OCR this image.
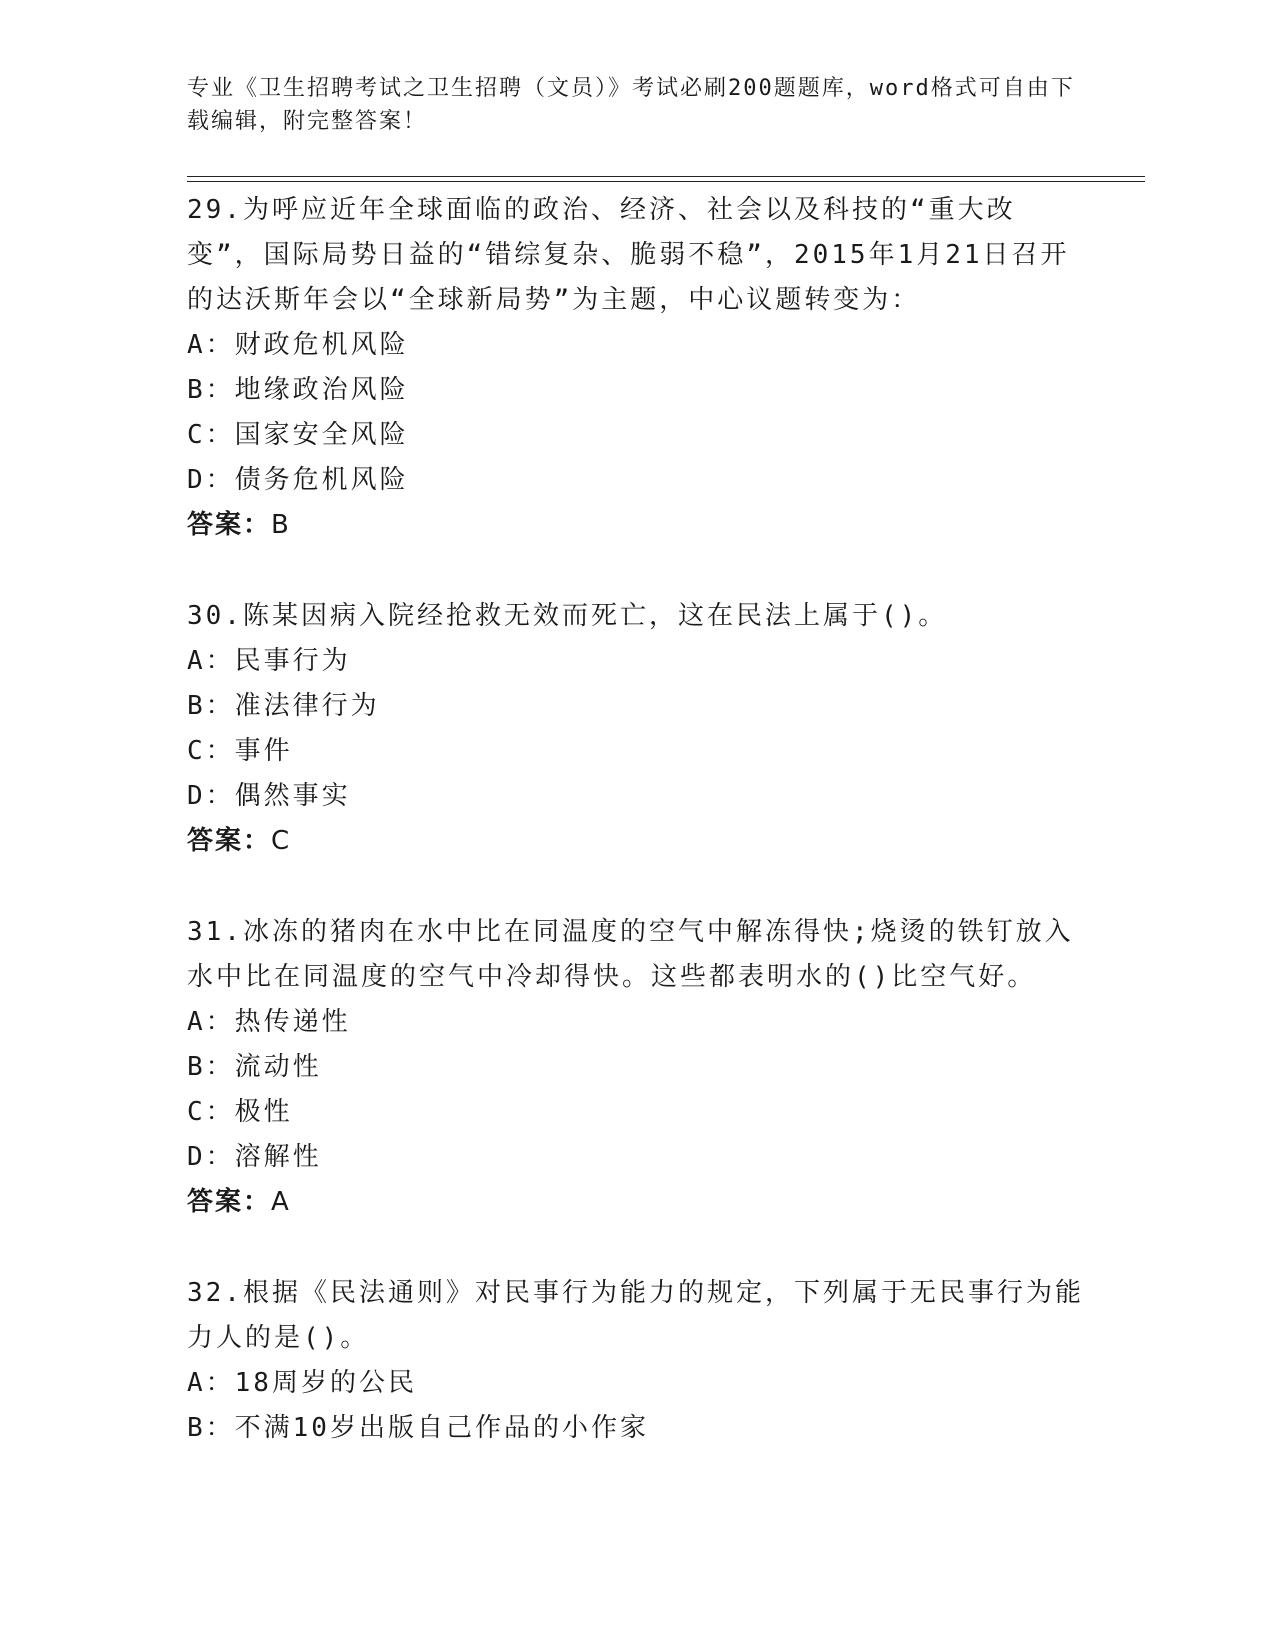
专业《卫生招聘考试之卫生招聘（文员）》考试必刷200题题库，word格式可自由下载编辑，附完整答案！
29.为呼应近年全球面临的政治、经济、社会以及科技的“重大改变”，国际局势日益的“错综复杂、脆弱不稳”，2015年1月21日召开的达沃斯年会以“全球新局势”为主题，中心议题转变为：
A：财政危机风险
B：地缘政治风险
C：国家安全风险
D：债务危机风险
答案：B
30.陈某因病入院经抢救无效而死亡，这在民法上属于()。
A：民事行为
B：准法律行为
C：事件
D：偶然事实
答案：C
31.冰冻的猪肉在水中比在同温度的空气中解冻得快;烧烫的铁钉放入水中比在同温度的空气中冷却得快。这些都表明水的()比空气好。
A：热传递性
B：流动性
C：极性
D：溶解性
答案：A
32.根据《民法通则》对民事行为能力的规定，下列属于无民事行为能力人的是()。
A：18周岁的公民
B：不满10岁出版自己作品的小作家
